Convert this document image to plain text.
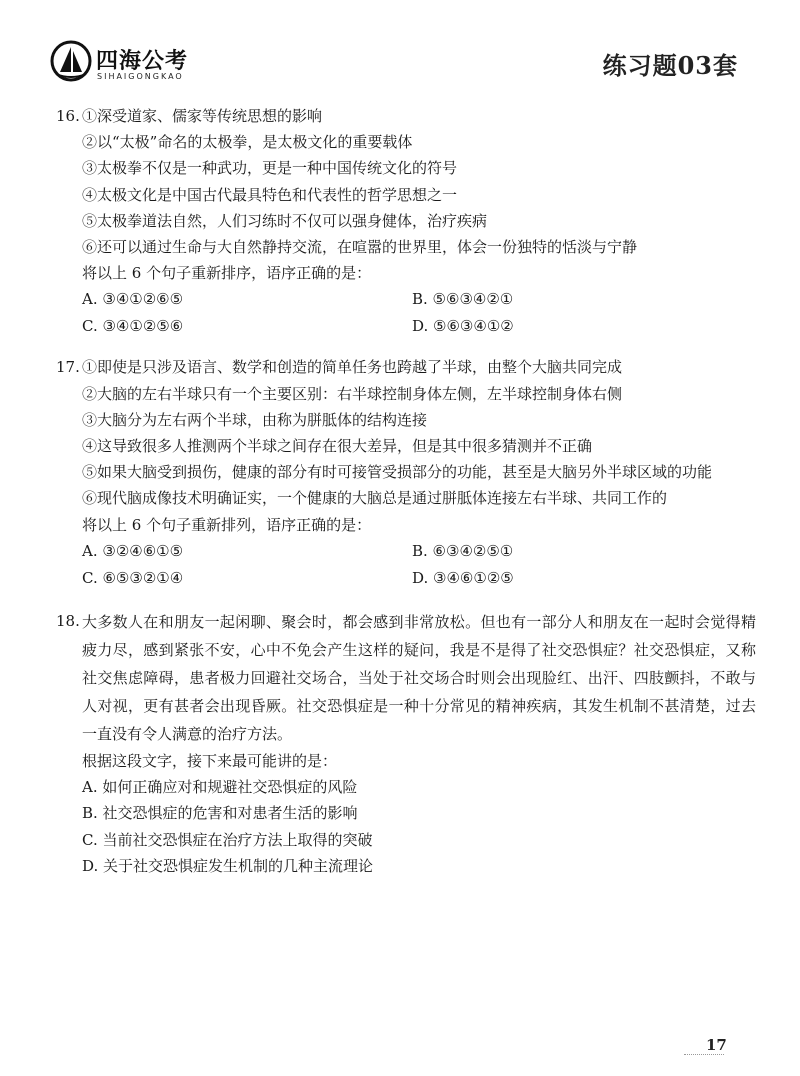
四海公考
SIHAIGONGKAO	练习题03套
16. ①深受道家、儒家等传统思想的影响
②以“太极”命名的太极拳，是太极文化的重要载体
③太极拳不仅是一种武功，更是一种中国传统文化的符号
④太极文化是中国古代最具特色和代表性的哲学思想之一
⑤太极拳道法自然，人们习练时不仅可以强身健体，治疗疾病
⑥还可以通过生命与大自然静持交流，在喧嚣的世界里，体会一份独特的恬淡与宁静
将以上 6 个句子重新排序，语序正确的是：
A. ③④①②⑥⑤	B. ⑤⑥③④②①
C. ③④①②⑤⑥	D. ⑤⑥③④①②
17. ①即使是只涉及语言、数学和创造的简单任务也跨越了半球，由整个大脑共同完成
②大脑的左右半球只有一个主要区别：右半球控制身体左侧，左半球控制身体右侧
③大脑分为左右两个半球，由称为胼胝体的结构连接
④这导致很多人推测两个半球之间存在很大差异，但是其中很多猜测并不正确
⑤如果大脑受到损伤，健康的部分有时可接管受损部分的功能，甚至是大脑另外半球区域的功能
⑥现代脑成像技术明确证实，一个健康的大脑总是通过胼胝体连接左右半球、共同工作的
将以上 6 个句子重新排列，语序正确的是：
A. ③②④⑥①⑤	B. ⑥③④②⑤①
C. ⑥⑤③②①④	D. ③④⑥①②⑤
18. 大多数人在和朋友一起闲聊、聚会时，都会感到非常放松。但也有一部分人和朋友在一起时会觉得精疲力尽，感到紧张不安，心中不免会产生这样的疑问，我是不是得了社交恐惧症？社交恐惧症，又称社交焦虑障碍，患者极力回避社交场合，当处于社交场合时则会出现脸红、出汗、四肢颤抖，不敢与人对视，更有甚者会出现昏厥。社交恐惧症是一种十分常见的精神疾病，其发生机制不甚清楚，过去一直没有令人满意的治疗方法。
根据这段文字，接下来最可能讲的是：
A. 如何正确应对和规避社交恐惧症的风险
B. 社交恐惧症的危害和对患者生活的影响
C. 当前社交恐惧症在治疗方法上取得的突破
D. 关于社交恐惧症发生机制的几种主流理论
17
